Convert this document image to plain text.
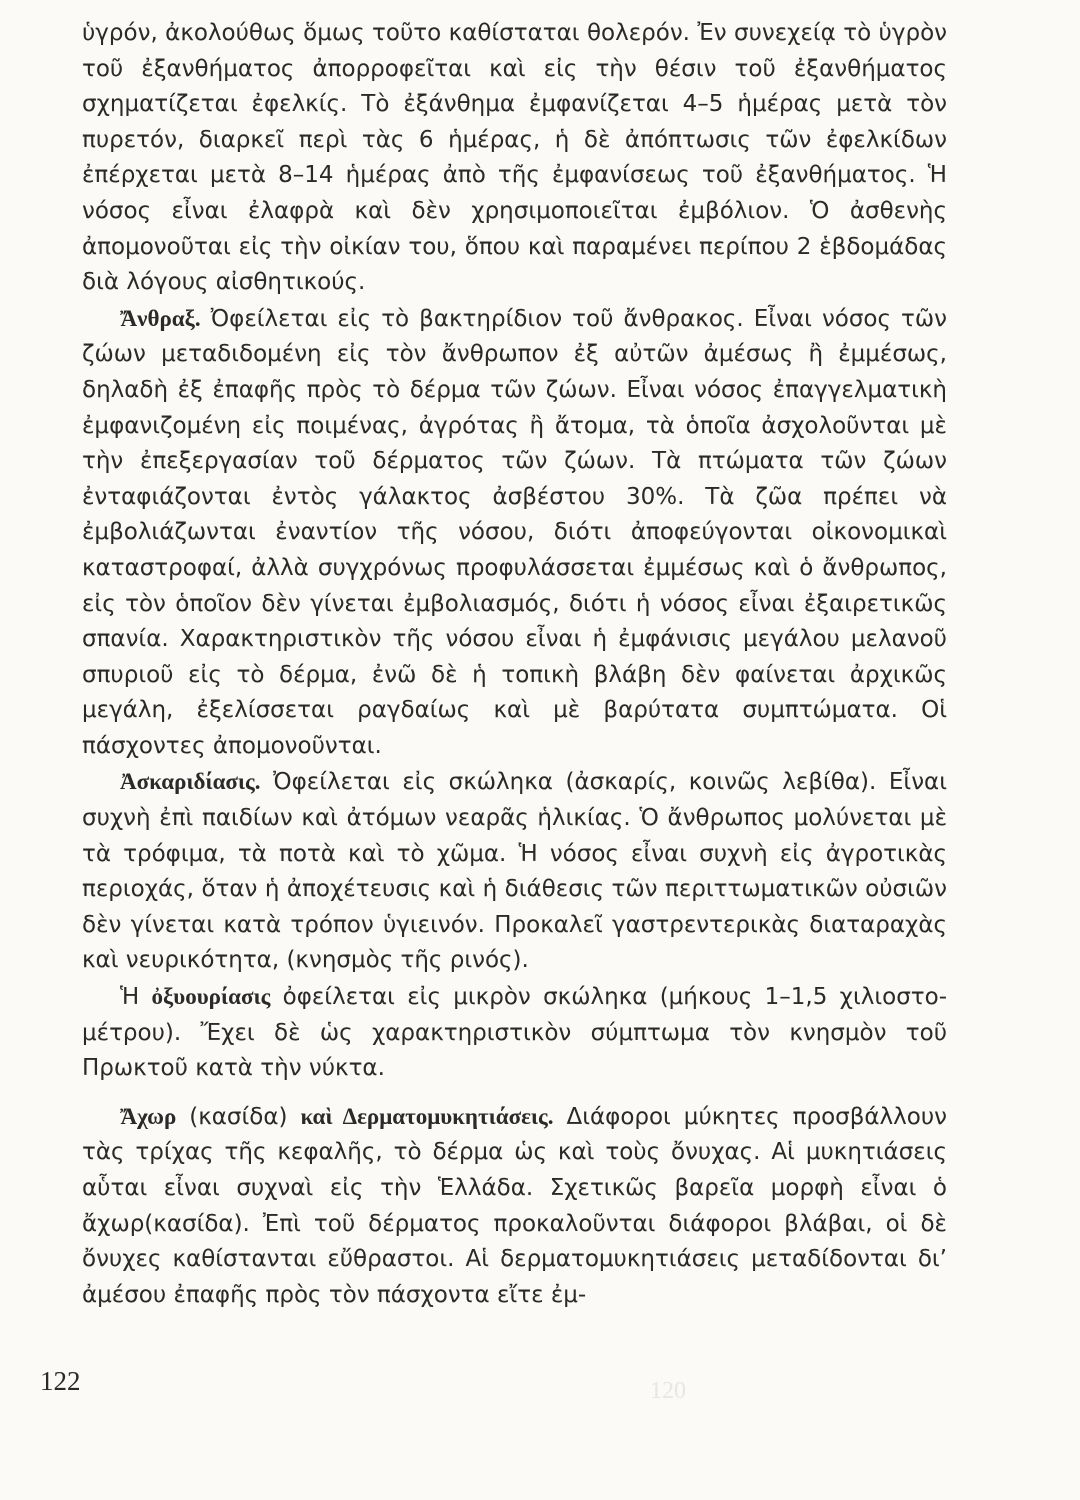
ὑγρόν, ἀκολούθως ὅμως τοῦτο καθίσταται θολερόν. Ἐν συνεχείᾳ τὸ ὑγρὸν τοῦ ἐξανθήματος ἀπορροφεῖται καὶ εἰς τὴν θέσιν τοῦ ἐξανθήματος σχηματίζεται ἐφελκίς. Τὸ ἐξάνθημα ἐμφανίζεται 4–5 ἡμέρας μετὰ τὸν πυρετόν, διαρκεῖ περὶ τὰς 6 ἡμέρας, ἡ δὲ ἀπόπτωσις τῶν ἐφελκίδων ἐπέρχεται μετὰ 8–14 ἡμέρας ἀπὸ τῆς ἐμφανίσεως τοῦ ἐξανθήματος. Ἡ νόσος εἶναι ἐλαφρὰ καὶ δὲν χρησιμοποιεῖται ἐμβόλιον. Ὁ ἀσθενὴς ἀπομονοῦται εἰς τὴν οἰκίαν του, ὅπου καὶ παραμένει περίπου 2 ἑβδομάδας διὰ λόγους αἰσθητικούς.

Ἄνθραξ. Ὀφείλεται εἰς τὸ βακτηρίδιον τοῦ ἄνθρακος. Εἶναι νόσος τῶν ζώων μεταδιδομένη εἰς τὸν ἄνθρωπον ἐξ αὐτῶν ἀμέσως ἢ ἐμμέσως, δηλαδὴ ἐξ ἐπαφῆς πρὸς τὸ δέρμα τῶν ζώων. Εἶναι νόσος ἐπαγγελματικὴ ἐμφανιζομένη εἰς ποιμένας, ἀγρότας ἢ ἄτομα, τὰ ὁποῖα ἀσχολοῦνται μὲ τὴν ἐπεξεργασίαν τοῦ δέρματος τῶν ζώων. Τὰ πτώματα τῶν ζώων ἐνταφιάζονται ἐντὸς γάλακτος ἀσβέστου 30%. Τὰ ζῶα πρέπει νὰ ἐμβολιάζωνται ἐναντίον τῆς νόσου, διότι ἀποφεύγονται οἰκονομικαὶ καταστροφαί, ἀλλὰ συγχρόνως προφυλάσσεται ἐμμέσως καὶ ὁ ἄνθρωπος, εἰς τὸν ὁποῖον δὲν γίνεται ἐμβολιασμός, διότι ἡ νόσος εἶναι ἐξαιρετικῶς σπανία. Χαρακτηριστικὸν τῆς νόσου εἶναι ἡ ἐμφάνισις μεγάλου μελανοῦ σπυριοῦ εἰς τὸ δέρμα, ἐνῶ δὲ ἡ τοπικὴ βλάβη δὲν φαίνεται ἀρχικῶς μεγάλη, ἐξελίσσεται ραγδαίως καὶ μὲ βαρύτατα συμπτώματα. Οἱ πάσχοντες ἀπομονοῦνται.

Ἀσκαριδίασις. Ὀφείλεται εἰς σκώληκα (ἀσκαρίς, κοινῶς λεβίθα). Εἶναι συχνὴ ἐπὶ παιδίων καὶ ἀτόμων νεαρᾶς ἡλικίας. Ὁ ἄνθρωπος μολύνεται μὲ τὰ τρόφιμα, τὰ ποτὰ καὶ τὸ χῶμα. Ἡ νόσος εἶναι συχνὴ εἰς ἀγροτικὰς περιοχάς, ὅταν ἡ ἀποχέτευσις καὶ ἡ διάθεσις τῶν περιττωματικῶν οὐσιῶν δὲν γίνεται κατὰ τρόπον ὑγιεινόν. Προκαλεῖ γαστρεντερικὰς διαταραχὰς καὶ νευρικότητα, (κνησμὸς τῆς ρινός).

Ἡ ὀξυουρίασις ὀφείλεται εἰς μικρὸν σκώληκα (μήκους 1–1,5 χιλιοστομέτρου). Ἔχει δὲ ὡς χαρακτηριστικὸν σύμπτωμα τὸν κνησμὸν τοῦ Πρωκτοῦ κατὰ τὴν νύκτα.

Ἄχωρ (κασίδα) καὶ Δερματομυκητιάσεις. Διάφοροι μύκητες προσβάλλουν τὰς τρίχας τῆς κεφαλῆς, τὸ δέρμα ὡς καὶ τοὺς ὄνυχας. Αἱ μυκητιάσεις αὗται εἶναι συχναὶ εἰς τὴν Ἑλλάδα. Σχετικῶς βαρεῖα μορφὴ εἶναι ὁ ἄχωρ(κασίδα). Ἐπὶ τοῦ δέρματος προκαλοῦνται διάφοροι βλάβαι, οἱ δὲ ὄνυχες καθίστανται εὔθραστοι. Αἱ δερματομυκητιάσεις μεταδίδονται δι’ ἀμέσου ἐπαφῆς πρὸς τὸν πάσχοντα εἴτε ἐμ-

122	120
